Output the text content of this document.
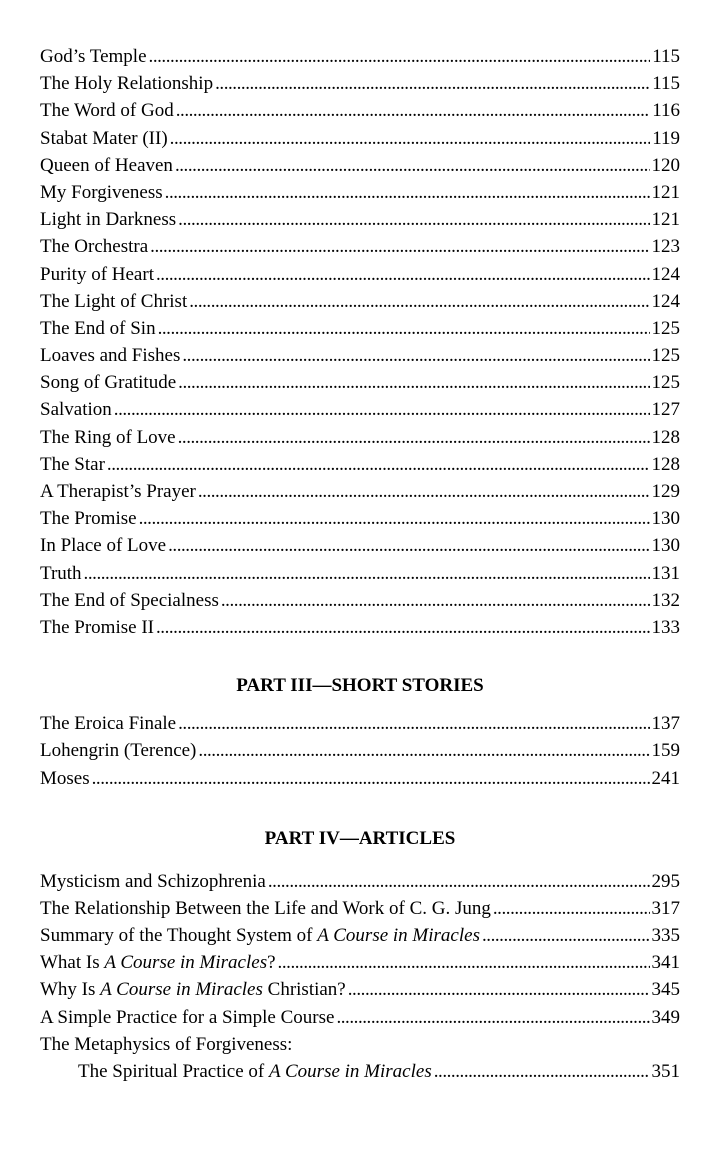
God’s Temple . . .	115
The Holy Relationship . . .	115
The Word of God . . .	116
Stabat Mater (II) . . .	119
Queen of Heaven . . .	120
My Forgiveness . . .	121
Light in Darkness . . .	121
The Orchestra . . .	123
Purity of Heart . . .	124
The Light of Christ . . .	124
The End of Sin . . .	125
Loaves and Fishes . . .	125
Song of Gratitude . . .	125
Salvation . . .	127
The Ring of Love . . .	128
The Star . . .	128
A Therapist’s Prayer . . .	129
The Promise . . .	130
In Place of Love . . .	130
Truth . . .	131
The End of Specialness . . .	132
The Promise II . . .	133
PART III—SHORT STORIES
The Eroica Finale . . .	137
Lohengrin (Terence) . . .	159
Moses . . .	241
PART IV—ARTICLES
Mysticism and Schizophrenia . . .	295
The Relationship Between the Life and Work of C. G. Jung . . .	317
Summary of the Thought System of A Course in Miracles . . .	335
What Is A Course in Miracles? . . .	341
Why Is A Course in Miracles Christian? . . .	345
A Simple Practice for a Simple Course . . .	349
The Metaphysics of Forgiveness:
The Spiritual Practice of A Course in Miracles . . .	351
